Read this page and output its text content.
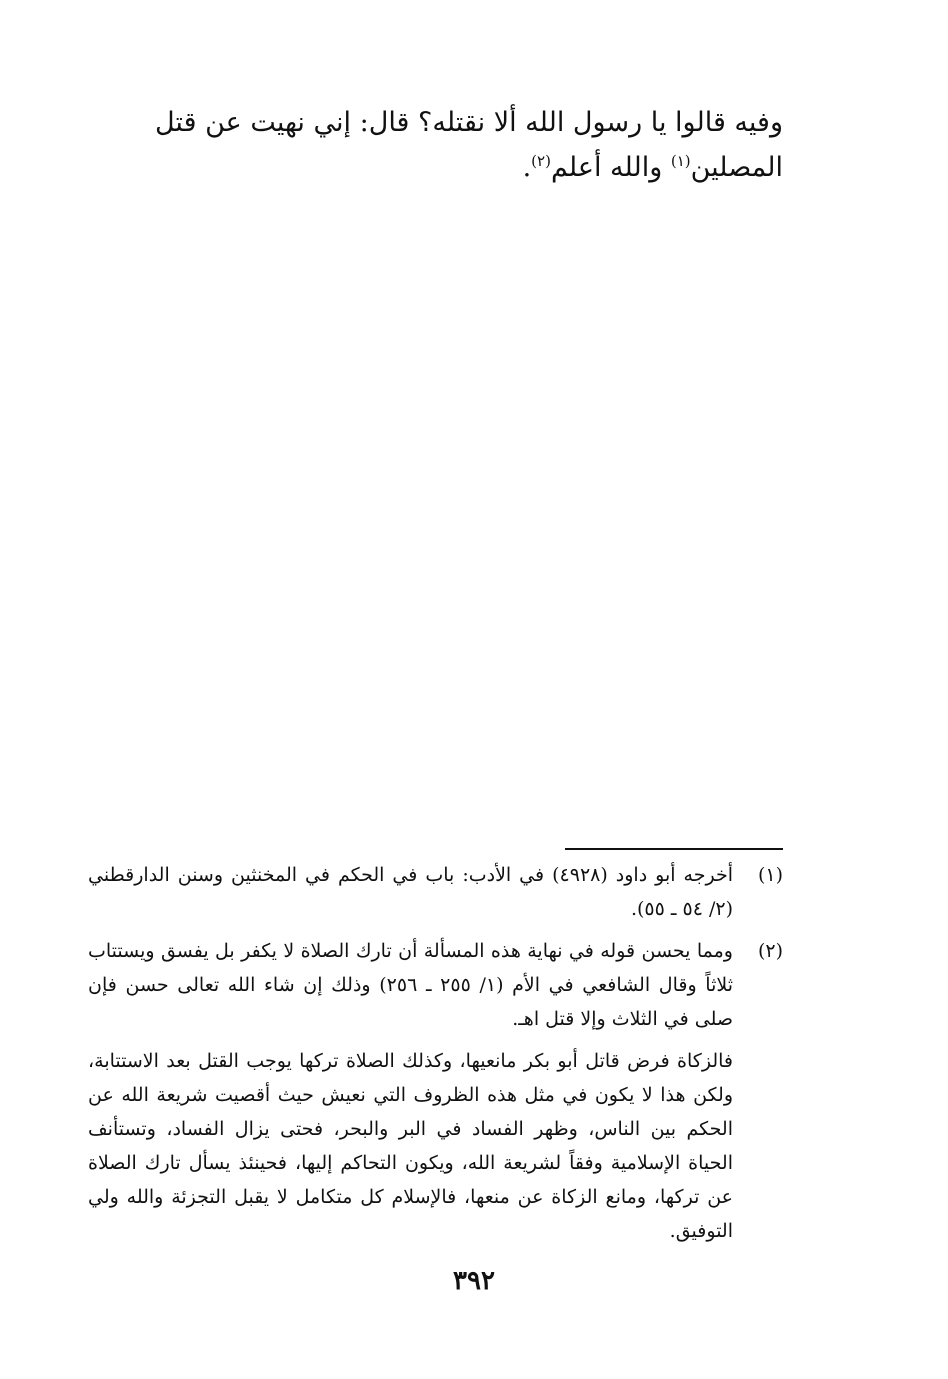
وفيه قالوا يا رسول الله ألا نقتله؟ قال: إني نهيت عن قتل المصلين$^{(١)}$ والله أعلم$^{(٢)}$.

(١)

أخرجه أبو داود (٤٩٢٨) في الأدب: باب في الحكم في المخنثين وسنن الدارقطني (٢/ ٥٤ ـ ٥٥).

(٢)

ومما يحسن قوله في نهاية هذه المسألة أن تارك الصلاة لا يكفر بل يفسق ويستتاب ثلاثاً وقال الشافعي في الأم (١/ ٢٥٥ ـ ٢٥٦) وذلك إن شاء الله تعالى حسن فإن صلى في الثلاث وإلا قتل اهـ.

فالزكاة فرض قاتل أبو بكر مانعيها، وكذلك الصلاة تركها يوجب القتل بعد الاستتابة، ولكن هذا لا يكون في مثل هذه الظروف التي نعيش حيث أقصيت شريعة الله عن الحكم بين الناس، وظهر الفساد في البر والبحر، فحتى يزال الفساد، وتستأنف الحياة الإسلامية وفقاً لشريعة الله، ويكون التحاكم إليها، فحينئذ يسأل تارك الصلاة عن تركها، ومانع الزكاة عن منعها، فالإسلام كل متكامل لا يقبل التجزئة والله ولي التوفيق.

٣٩٢
